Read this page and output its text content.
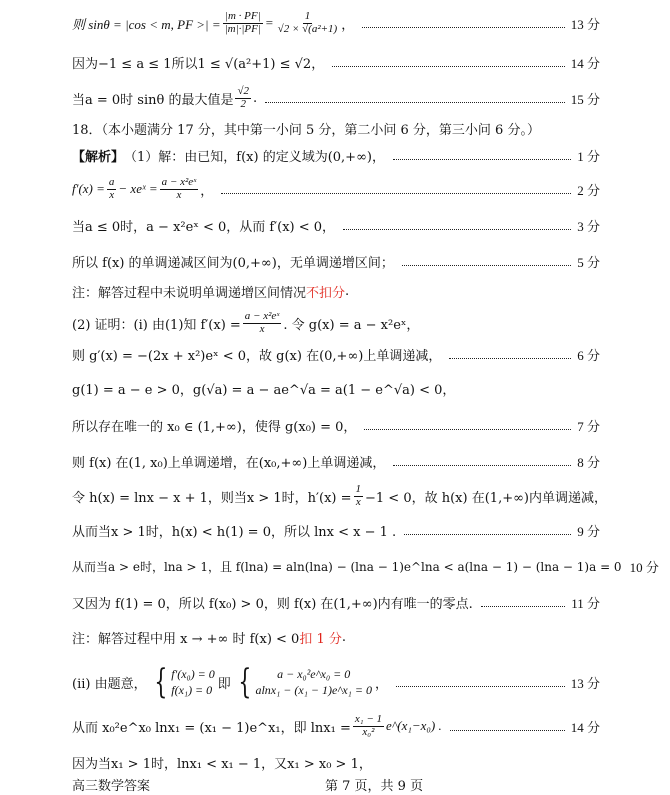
则 sinθ = |cos < m, PF >| = $\frac{|m \cdot PF|}{|m|\cdot|PF|} = \frac{1}{\text{√2 × √(a²+1)}}$ ，	13 分
因为−1 ≤ a ≤ 1所以1 ≤ √(a²+1) ≤ √2，	14 分
当a = 0时 sinθ 的最大值是 $\frac{√2}{2}$ .	15 分
18．（本小题满分 17 分，其中第一小问 5 分，第二小问 6 分，第三小问 6 分。）
【解析】 （1）解：由已知，f(x) 的定义域为(0,+∞)，	1 分
$f'(x) = \frac{a}{x}$ − xeˣ = $\frac{\text{a − x²eˣ}}{x}$ ，	2 分
当a ≤ 0时，a − x²eˣ < 0，从而 f′(x) < 0，	3 分
所以 f(x) 的单调递减区间为(0,+∞)，无单调递增区间；	5 分
注：解答过程中未说明单调递增区间情况 不扣分 .
(2) 证明：(i) 由(1)知 $f'(x) = \frac{\text{a − x²eˣ}}{x}$ . 令 g(x) = a − x²eˣ，
则 g′(x) = −(2x + x²)eˣ < 0，故 g(x) 在(0,+∞)上单调递减，	6 分
g(1) = a − e > 0，g(√a) = a − ae^√a = a(1 − e^√a) < 0，
所以存在唯一的 x₀ ∈ (1,+∞)，使得 g(x₀) = 0，	7 分
则 f(x) 在(1, x₀)上单调递增，在(x₀,+∞)上单调递减，	8 分
令 h(x) = lnx − x + 1，则当x > 1时，$h'(x) = \frac{1}{x} -1 < 0$，故 h(x) 在(1,+∞)内单调递减，
从而当x > 1时，h(x) < h(1) = 0，所以 lnx < x − 1 .	9 分
从而当a > e时，lna > 1，且 f(lna) = aln(lna) − (lna − 1)e^lna < a(lna − 1) − (lna − 1)a = 0 10 分
又因为 f(1) = 0，所以 f(x₀) > 0，则 f(x) 在(1,+∞)内有唯一的零点.	11 分
注：解答过程中用 x → +∞ 时 f(x) < 0 扣 1 分 .
(ii) 由题意， { f′(x₀) = 0
f(x₁) = 0 即 { a − x₀²e^x₀ = 0
alnx₁ − (x₁ − 1)e^x₁ = 0 ，	13 分
从而 x₀²e^x₀ lnx₁ = (x₁ − 1)e^x₁，即 $\ln x_1 = \frac{\text{x₁ − 1}}{\text{x₀²}}$ e^(x₁−x₀) .	14 分
因为当x₁ > 1时，lnx₁ < x₁ − 1，又x₁ > x₀ > 1，
高三数学答案	第 7 页，共 9 页
